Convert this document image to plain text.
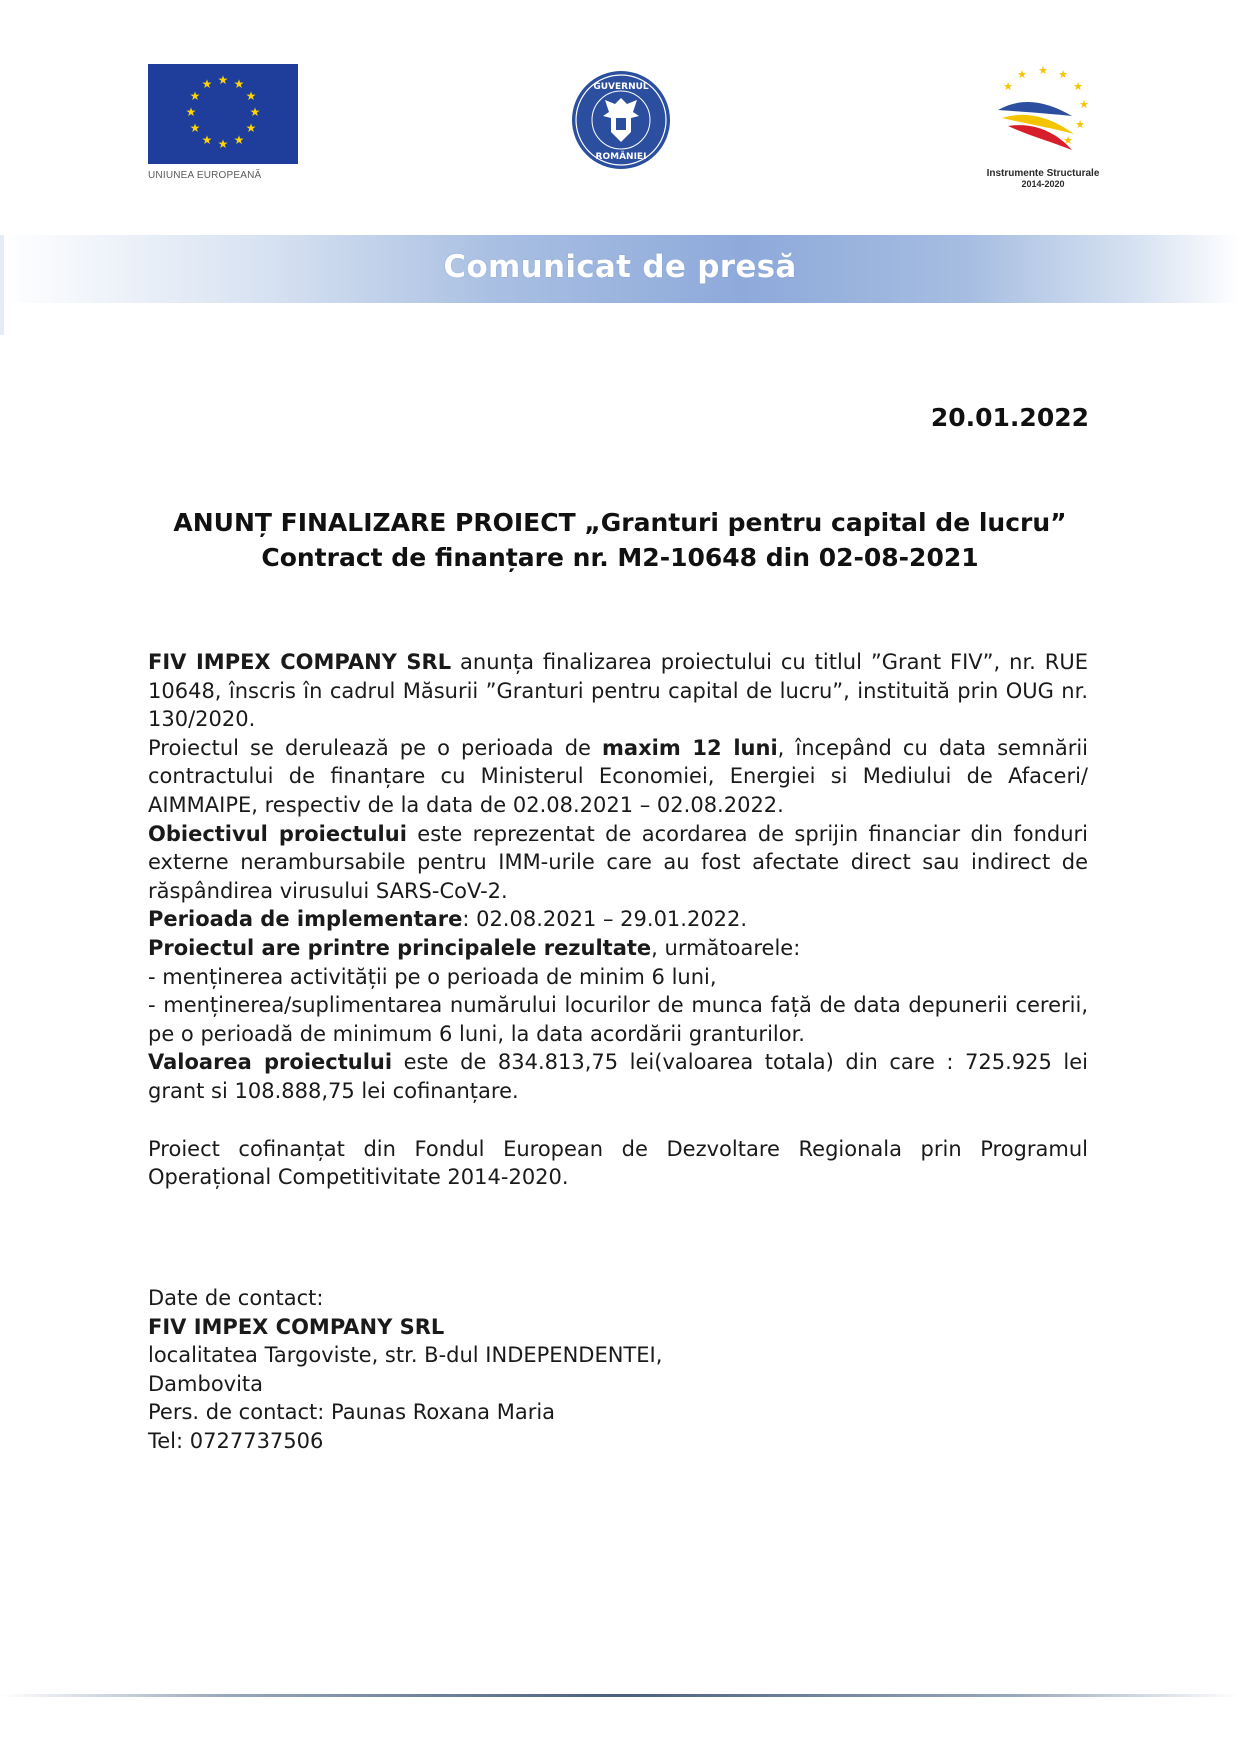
★ ★
★
★
★
★
★
★
★
★
★
★
UNIUNEA EUROPEANĂ
GUVERNUL
ROMÂNIEI
★ ★
★
★
★
★
★
★
Instrumente Structurale
2014-2020
Comunicat de presă
20.01.2022
ANUNȚ FINALIZARE PROIECT „Granturi pentru capital de lucru”
Contract de finanțare nr. M2-10648 din 02-08-2021

FIV IMPEX COMPANY SRL anunța finalizarea proiectului cu titlul ”Grant FIV”, nr. RUE 10648, înscris în cadrul Măsurii ”Granturi pentru capital de lucru”, instituită prin OUG nr. 130/2020.

Proiectul se derulează pe o perioada de maxim 12 luni, începând cu data semnării contractului de finanțare cu Ministerul Economiei, Energiei si Mediului de Afaceri/ AIMMAIPE, respectiv de la data de 02.08.2021 – 02.08.2022.

Obiectivul proiectului este reprezentat de acordarea de sprijin financiar din fonduri externe nerambursabile pentru IMM-urile care au fost afectate direct sau indirect de răspândirea virusului SARS-CoV-2.

Perioada de implementare: 02.08.2021 – 29.01.2022.

Proiectul are printre principalele rezultate, următoarele:

- menținerea activității pe o perioada de minim 6 luni,

- menținerea/suplimentarea numărului locurilor de munca față de data depunerii cererii, pe o perioadă de minimum 6 luni, la data acordării granturilor.

Valoarea proiectului este de 834.813,75 lei(valoarea totala) din care : 725.925 lei grant si 108.888,75 lei cofinanțare.

Proiect cofinanțat din Fondul European de Dezvoltare Regionala prin Programul Operațional Competitivitate 2014-2020.

Date de contact:
FIV IMPEX COMPANY SRL
localitatea Targoviste, str. B-dul INDEPENDENTEI,
Dambovita
Pers. de contact: Paunas Roxana Maria
Tel: 0727737506
